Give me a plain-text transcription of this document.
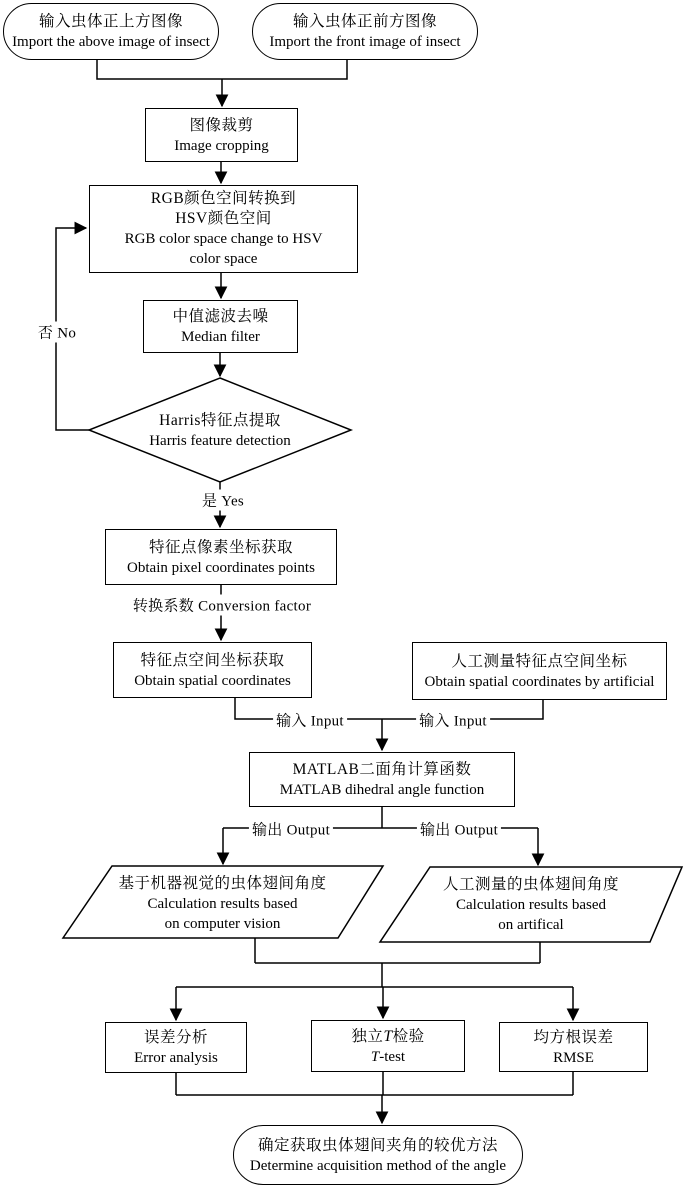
输入虫体正上方图像
Import the above image of insect
输入虫体正前方图像
Import the front image of insect
图像裁剪
Image cropping
RGB颜色空间转换到
HSV颜色空间
RGB color space change to HSV
color space
中值滤波去噪
Median filter
Harris特征点提取
Harris feature detection
特征点像素坐标获取
Obtain pixel coordinates points
特征点空间坐标获取
Obtain spatial coordinates
人工测量特征点空间坐标
Obtain spatial coordinates by artificial
MATLAB二面角计算函数
MATLAB dihedral angle function
基于机器视觉的虫体翅间角度
Calculation results based
on computer vision
人工测量的虫体翅间角度
Calculation results based
on artifical
误差分析
Error analysis
独立T检验
T-test
均方根误差
RMSE
确定获取虫体翅间夹角的较优方法
Determine acquisition method of the angle
否 No
是 Yes
转换系数 Conversion factor
输入 Input	输入 Input
输出 Output	输出 Output
